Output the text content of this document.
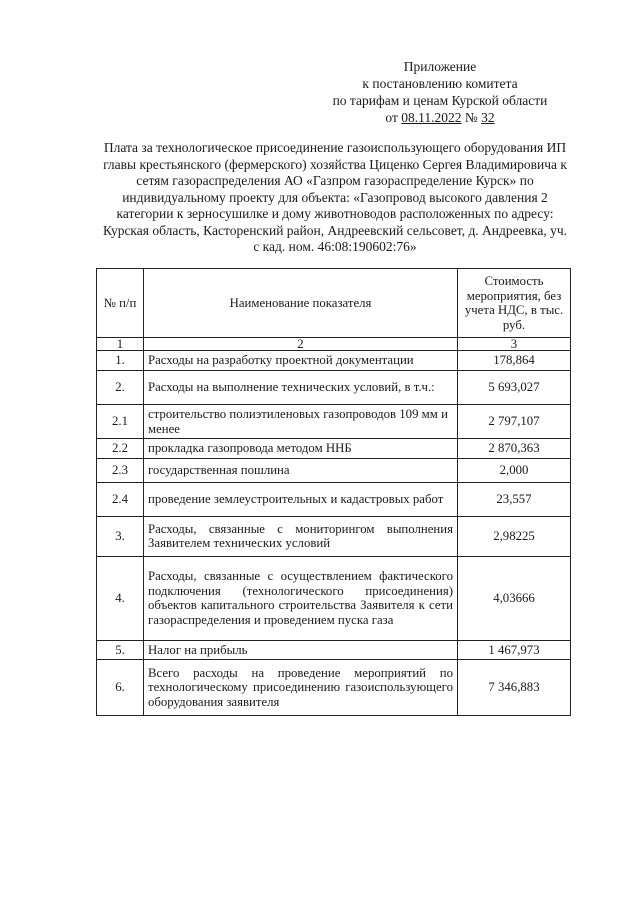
Приложение
к постановлению комитета
по тарифам и ценам Курской области
от 08.11.2022 № 32
Плата за технологическое присоединение газоиспользующего оборудования ИП главы крестьянского (фермерского) хозяйства Циценко Сергея Владимировича к сетям газораспределения АО «Газпром газораспределение Курск» по индивидуальному проекту для объекта: «Газопровод высокого давления 2 категории к зерносушилке и дому животноводов расположенных по адресу: Курская область, Касторенский район, Андреевский сельсовет, д. Андреевка, уч. с кад. ном. 46:08:190602:76»
№ п/п	Наименование показателя	Стоимость мероприятия, без учета НДС, в тыс. руб.
1	2	3
1.	Расходы на разработку проектной документации	178,864
2.	Расходы на выполнение технических условий, в т.ч.:	5 693,027
2.1	строительство полиэтиленовых газопроводов 109 мм и менее	2 797,107
2.2	прокладка газопровода методом ННБ	2 870,363
2.3	государственная пошлина	2,000
2.4	проведение землеустроительных и кадастровых работ	23,557
3.	Расходы, связанные с мониторингом выполнения Заявителем технических условий	2,98225
4.	Расходы, связанные с осуществлением фактического подключения (технологического присоединения) объектов капитального строительства Заявителя к сети газораспределения и проведением пуска газа	4,03666
5.	Налог на прибыль	1 467,973
6.	Всего расходы на проведение мероприятий по технологическому присоединению газоиспользующего оборудования заявителя	7 346,883
